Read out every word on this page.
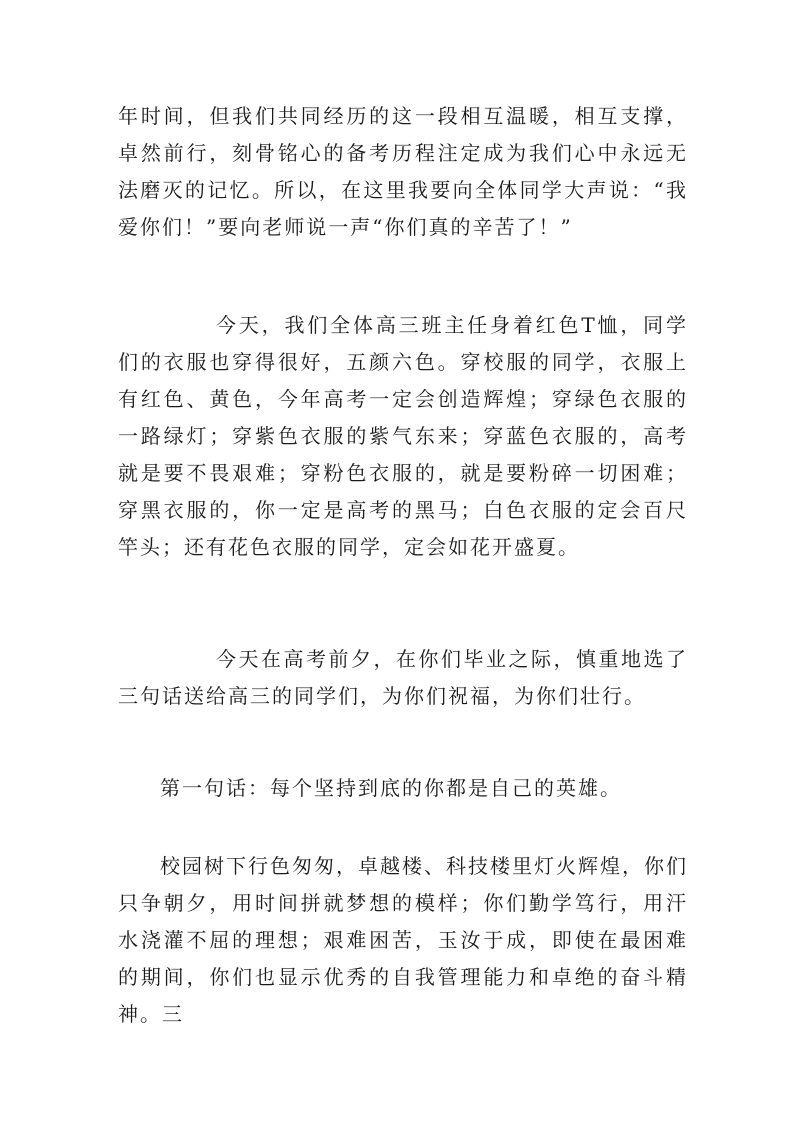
年时间，但我们共同经历的这一段相互温暖，相互支撑，卓然前行，刻骨铭心的备考历程注定成为我们心中永远无法磨灭的记忆。所以，在这里我要向全体同学大声说：“我爱你们！”要向老师说一声“你们真的辛苦了！”

今天，我们全体高三班主任身着红色T恤，同学们的衣服也穿得很好，五颜六色。穿校服的同学，衣服上有红色、黄色，今年高考一定会创造辉煌；穿绿色衣服的一路绿灯；穿紫色衣服的紫气东来；穿蓝色衣服的，高考就是要不畏艰难；穿粉色衣服的，就是要粉碎一切困难；穿黑衣服的，你一定是高考的黑马；白色衣服的定会百尺竿头；还有花色衣服的同学，定会如花开盛夏。

今天在高考前夕，在你们毕业之际，慎重地选了三句话送给高三的同学们，为你们祝福，为你们壮行。

第一句话：每个坚持到底的你都是自己的英雄。

校园树下行色匆匆，卓越楼、科技楼里灯火辉煌，你们只争朝夕，用时间拼就梦想的模样；你们勤学笃行，用汗水浇灌不屈的理想；艰难困苦，玉汝于成，即使在最困难的期间，你们也显示优秀的自我管理能力和卓绝的奋斗精神。三
